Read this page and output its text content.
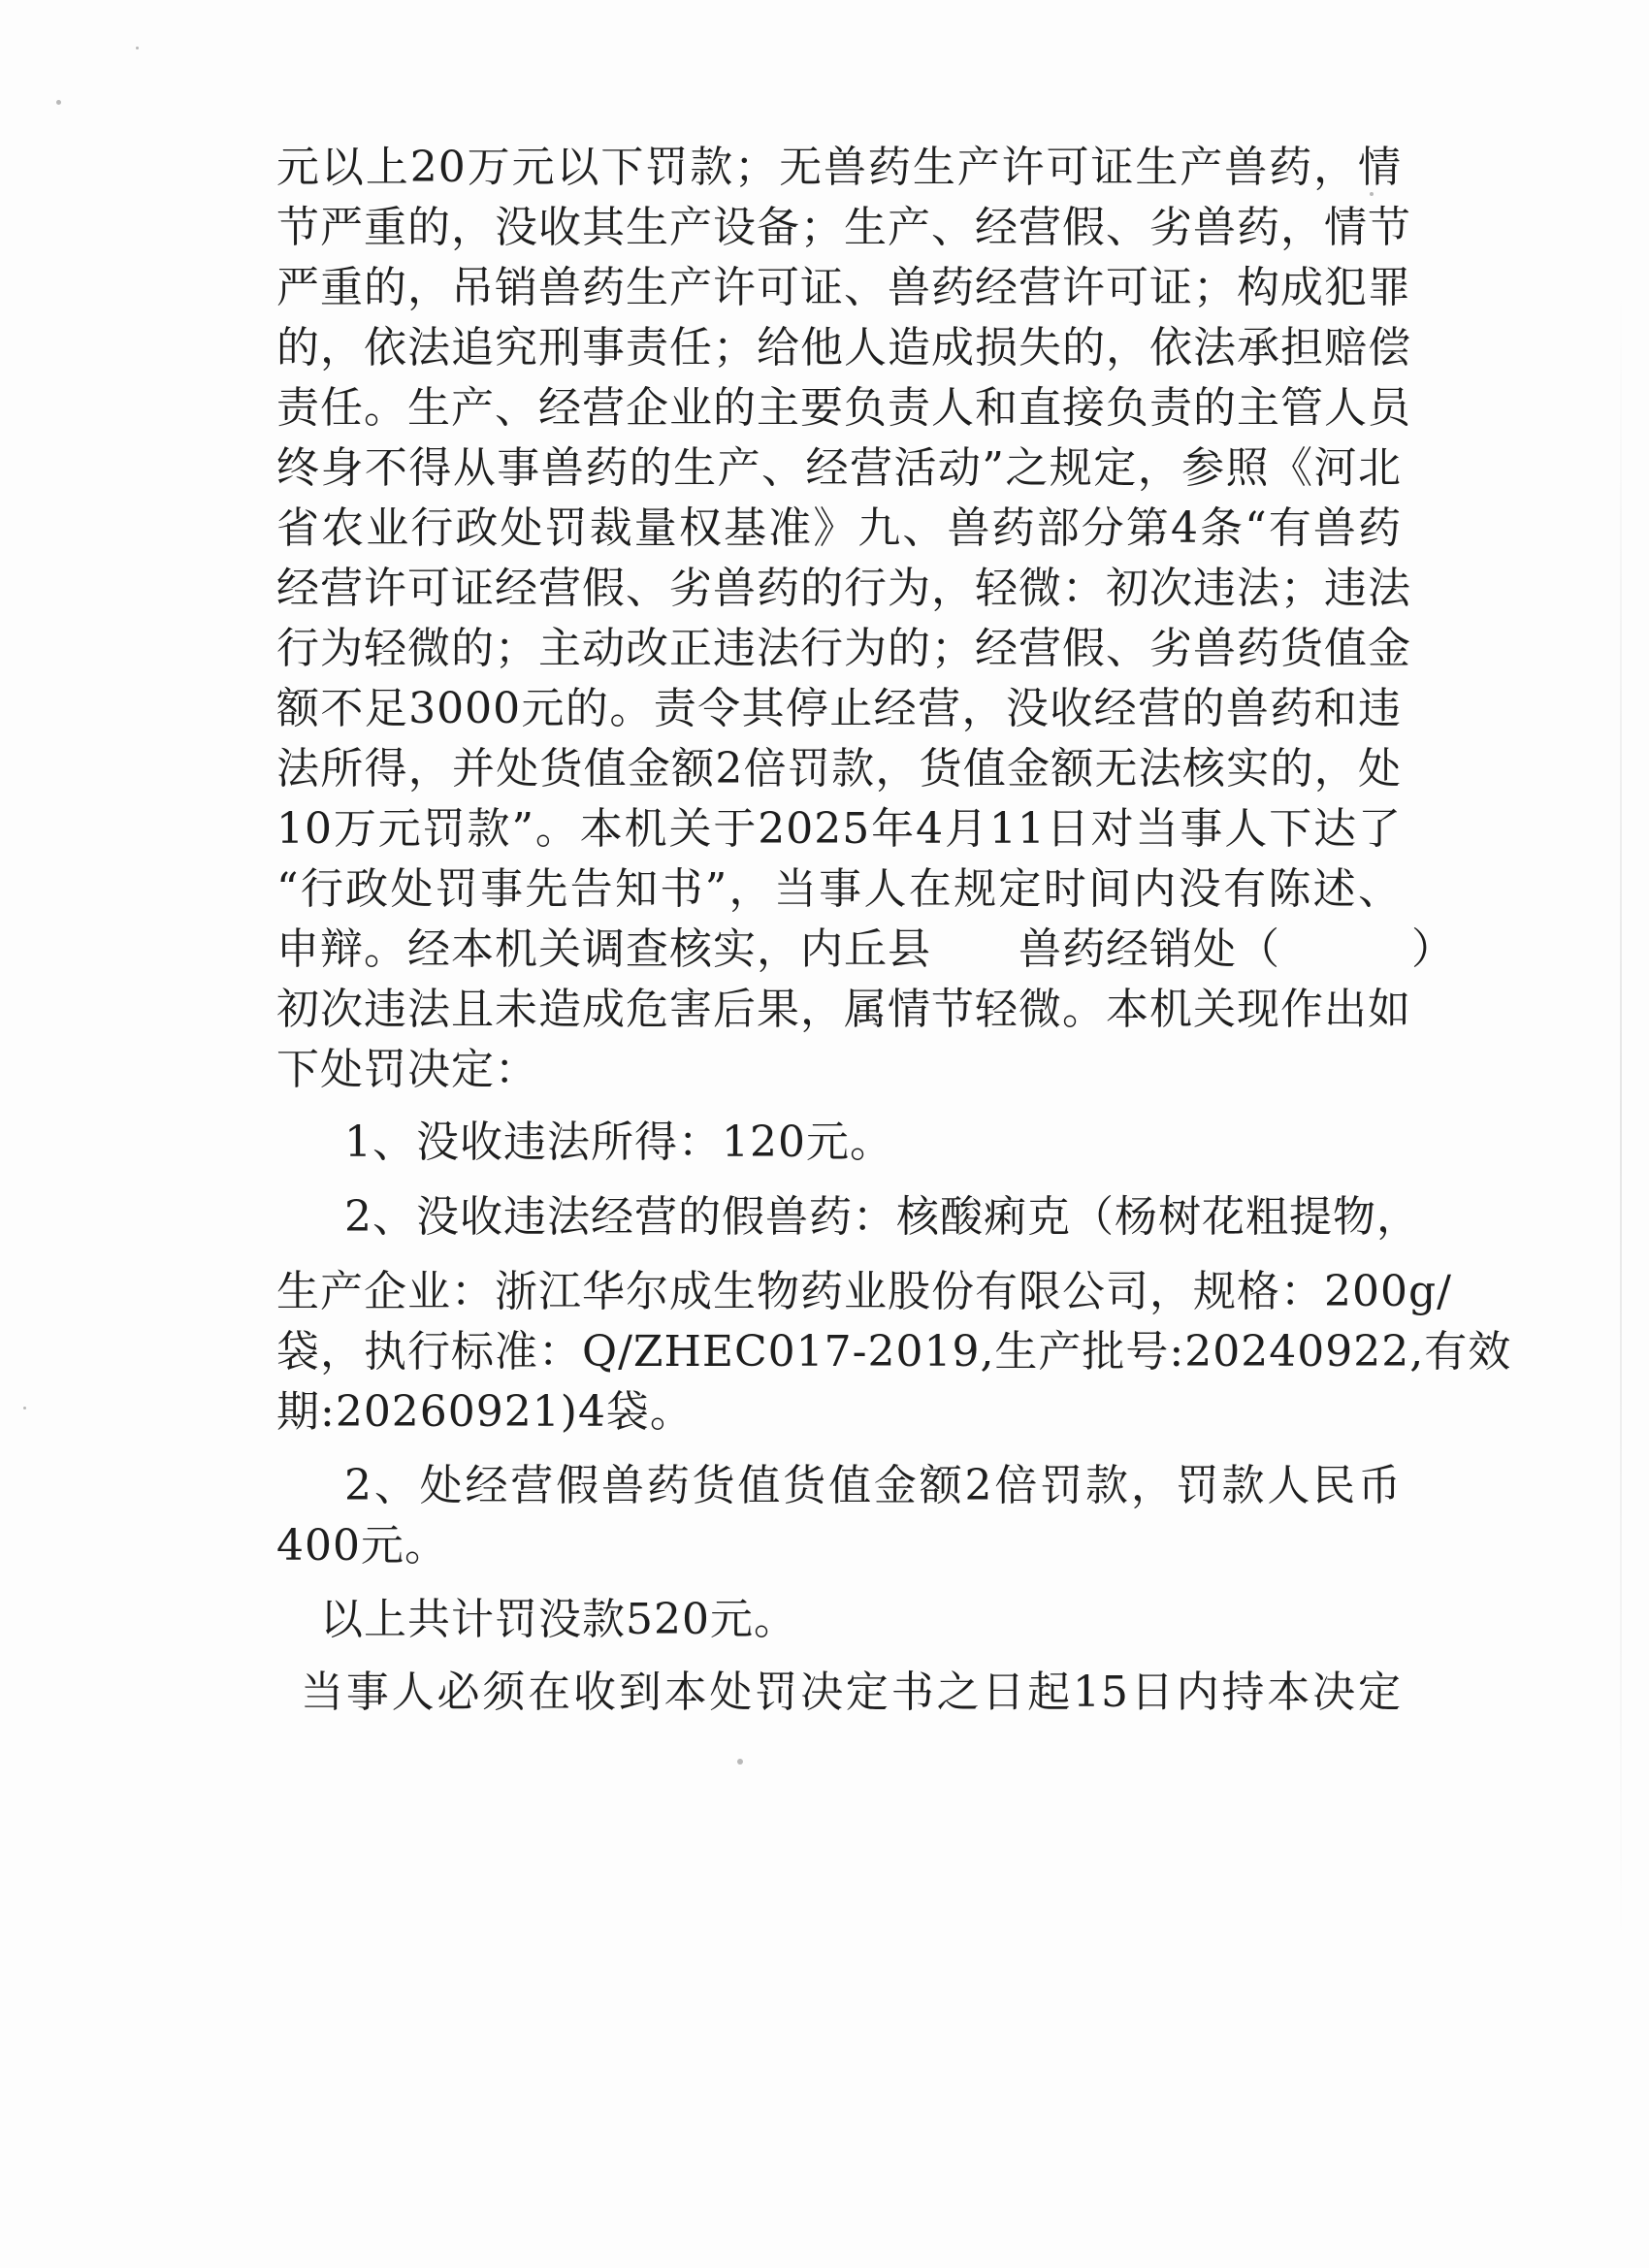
元以上20万元以下罚款；无兽药生产许可证生产兽药，情
节严重的，没收其生产设备；生产、经营假、劣兽药，情节
严重的，吊销兽药生产许可证、兽药经营许可证；构成犯罪
的，依法追究刑事责任；给他人造成损失的，依法承担赔偿
责任。生产、经营企业的主要负责人和直接负责的主管人员
终身不得从事兽药的生产、经营活动”之规定，参照《河北
省农业行政处罚裁量权基准》九、兽药部分第4条“有兽药
经营许可证经营假、劣兽药的行为，轻微：初次违法；违法
行为轻微的；主动改正违法行为的；经营假、劣兽药货值金
额不足3000元的。责令其停止经营，没收经营的兽药和违
法所得，并处货值金额2倍罚款，货值金额无法核实的，处
10万元罚款”。本机关于2025年4月11日对当事人下达了
“行政处罚事先告知书”，当事人在规定时间内没有陈述、
申辩。经本机关调查核实，内丘县　　兽药经销处（　　　）
初次违法且未造成危害后果，属情节轻微。本机关现作出如
下处罚决定：
1、没收违法所得：120元。
2、没收违法经营的假兽药：核酸痢克（杨树花粗提物，
生产企业：浙江华尔成生物药业股份有限公司，规格：200g/
袋，执行标准：Q/ZHEC017-2019,生产批号:20240922,有效
期:20260921)4袋。
2、处经营假兽药货值货值金额2倍罚款，罚款人民币
400元。
以上共计罚没款520元。
当事人必须在收到本处罚决定书之日起15日内持本决定
